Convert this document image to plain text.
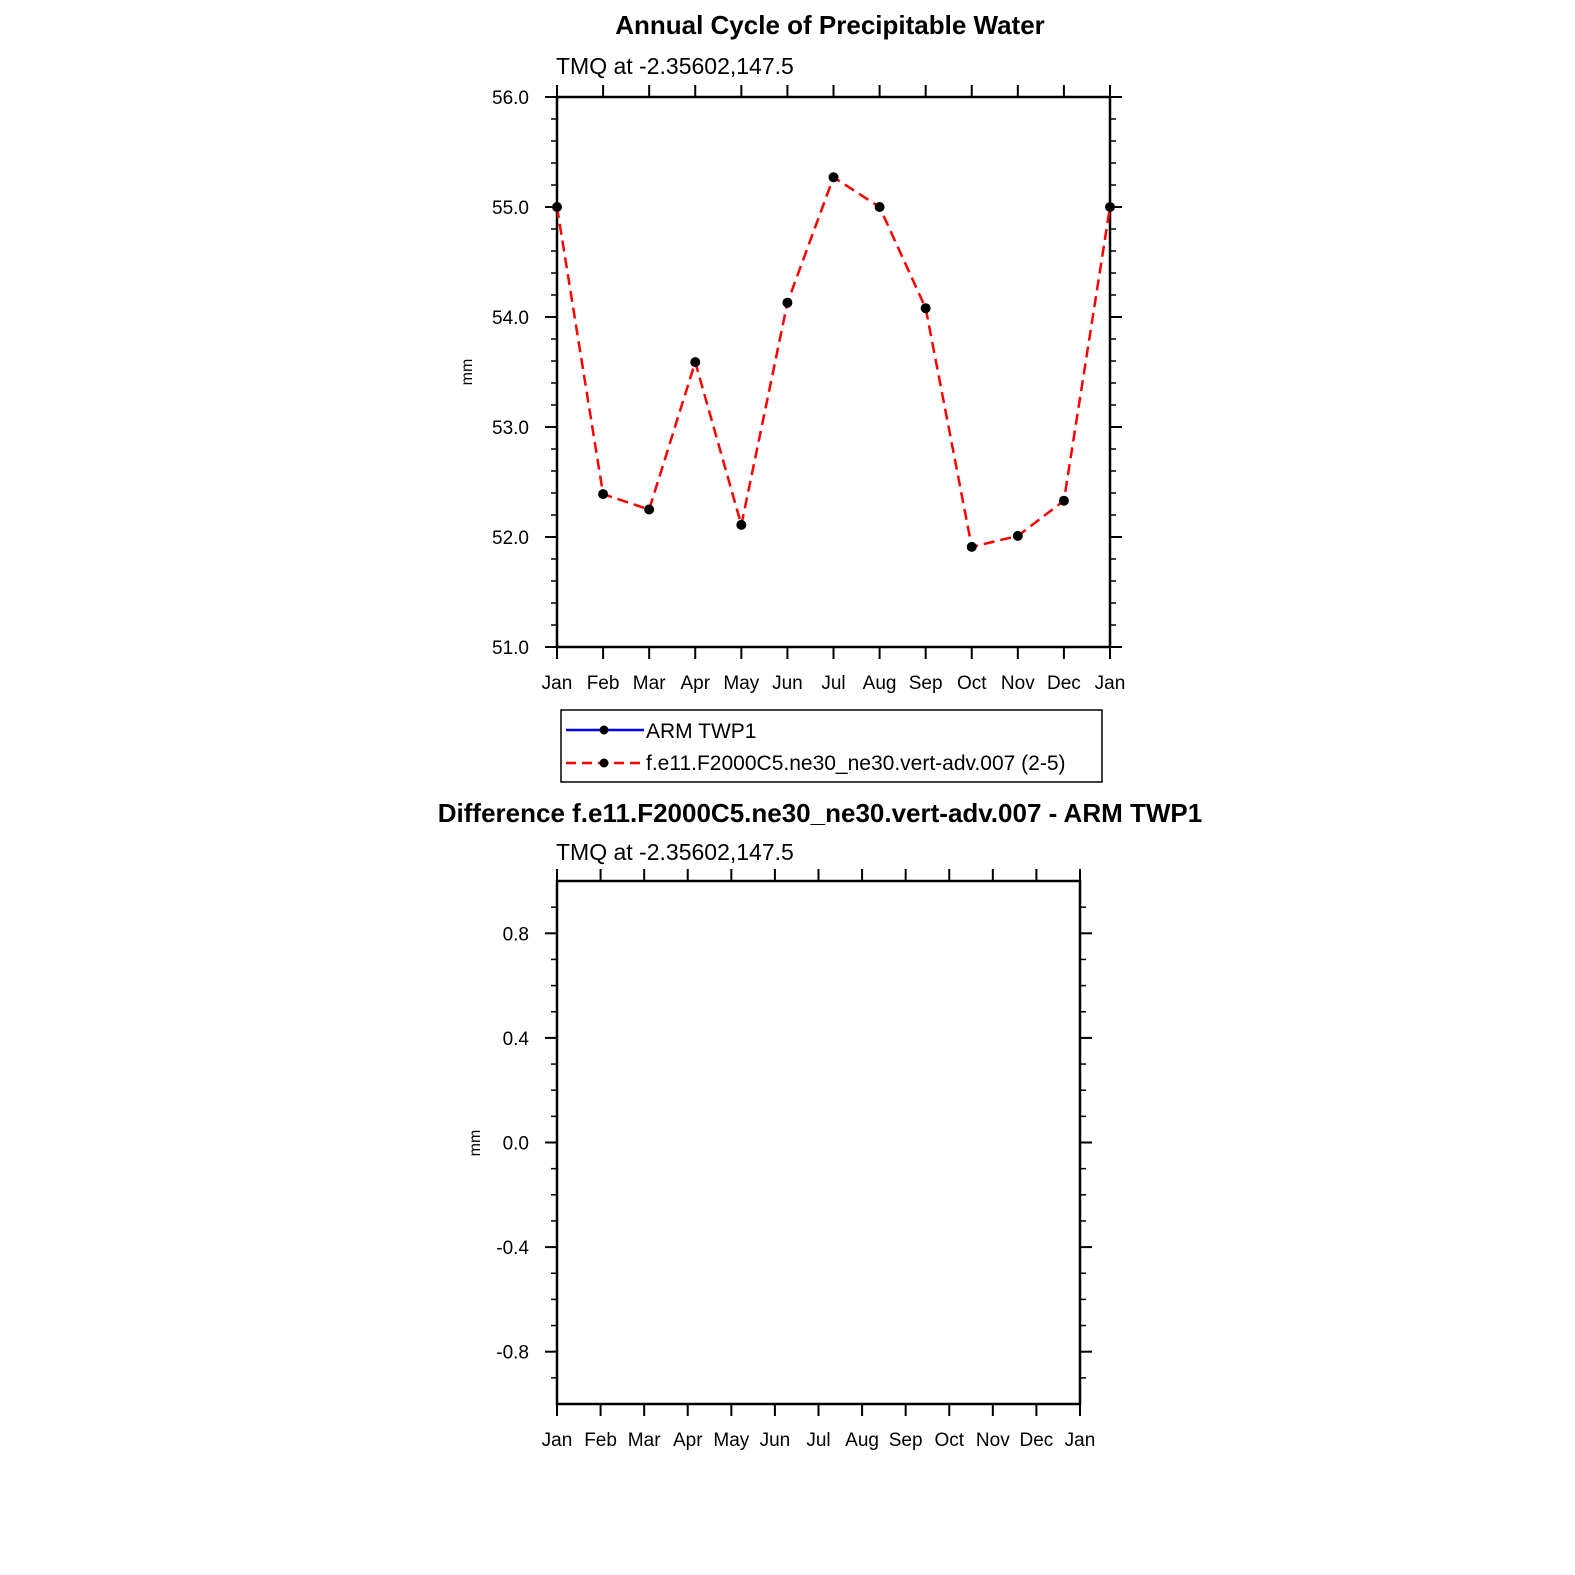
Annual Cycle of Precipitable Water
TMQ at -2.35602,147.5
mm
51.0
52.0
53.0
54.0
55.0
56.0
Jan Feb Mar Apr May Jun Jul Aug Sep Oct Nov Dec Jan
ARM TWP1
f.e11.F2000C5.ne30_ne30.vert-adv.007 (2-5)
Difference f.e11.F2000C5.ne30_ne30.vert-adv.007 - ARM TWP1
TMQ at -2.35602,147.5
mm
-0.8
-0.4
0.0
0.4
0.8
Jan Feb Mar Apr May Jun Jul Aug Sep Oct Nov Dec Jan
